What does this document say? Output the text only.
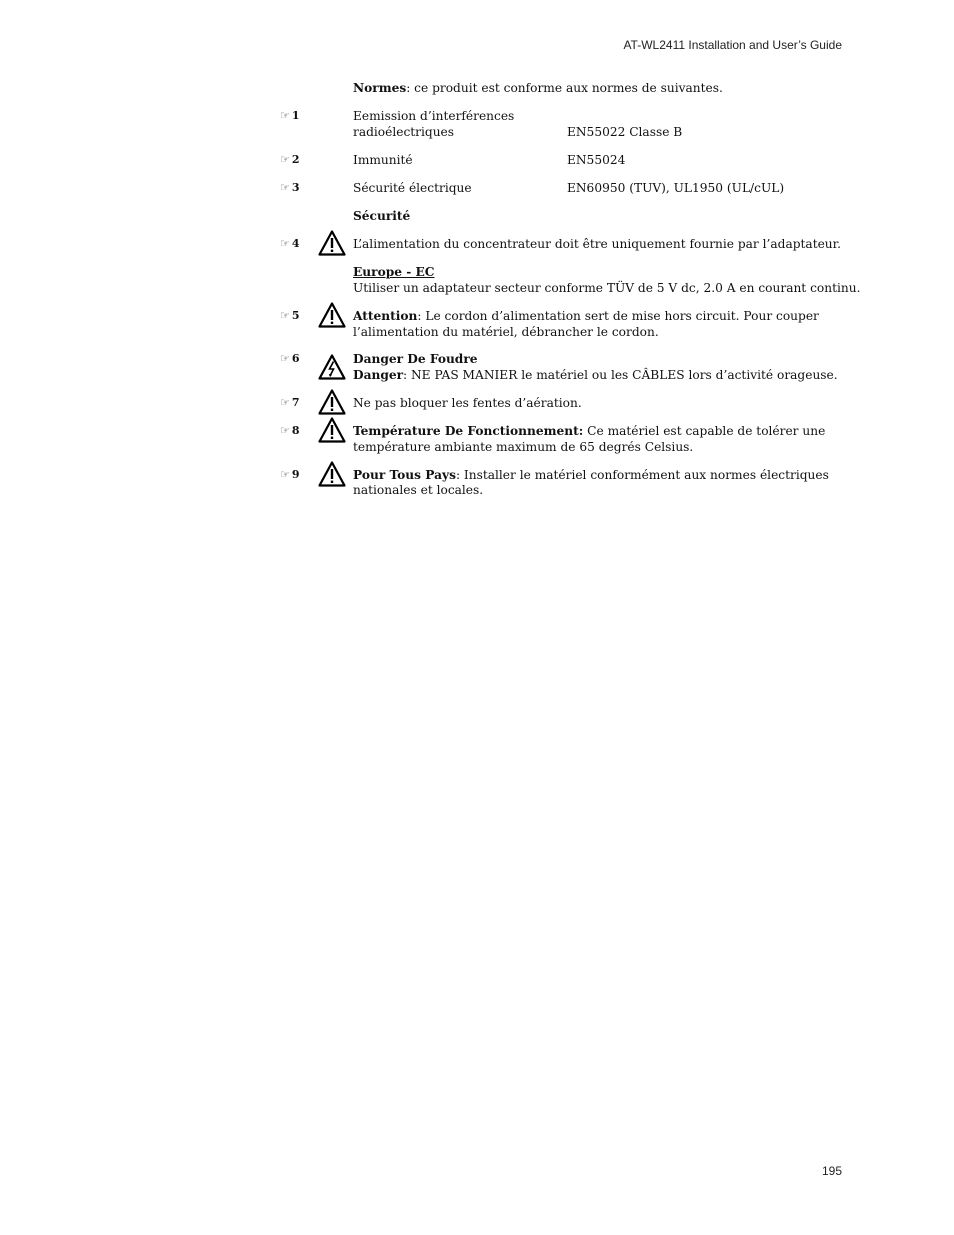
AT-WL2411 Installation and User’s Guide
Normes: ce produit est conforme aux normes de suivantes.
☞ 1	Eemission d’interférences
radioélectriques	EN55022 Classe B
☞ 2	Immunité	EN55024
☞ 3	Sécurité électrique	EN60950 (TUV), UL1950 (UL/cUL)
Sécurité
☞ 4	L’alimentation du concentrateur doit être uniquement fournie par l’adaptateur.
Europe - EC
Utiliser un adaptateur secteur conforme TÜV de 5 V dc, 2.0 A en courant continu.
☞ 5	Attention: Le cordon d’alimentation sert de mise hors circuit. Pour couper
l’alimentation du matériel, débrancher le cordon.
☞ 6	Danger De Foudre
Danger: NE PAS MANIER le matériel ou les CÂBLES lors d’activité orageuse.
☞ 7	Ne pas bloquer les fentes d’aération.
☞ 8	Température De Fonctionnement: Ce matériel est capable de tolérer une
température ambiante maximum de 65 degrés Celsius.
☞ 9	Pour Tous Pays: Installer le matériel conformément aux normes électriques
nationales et locales.
195
